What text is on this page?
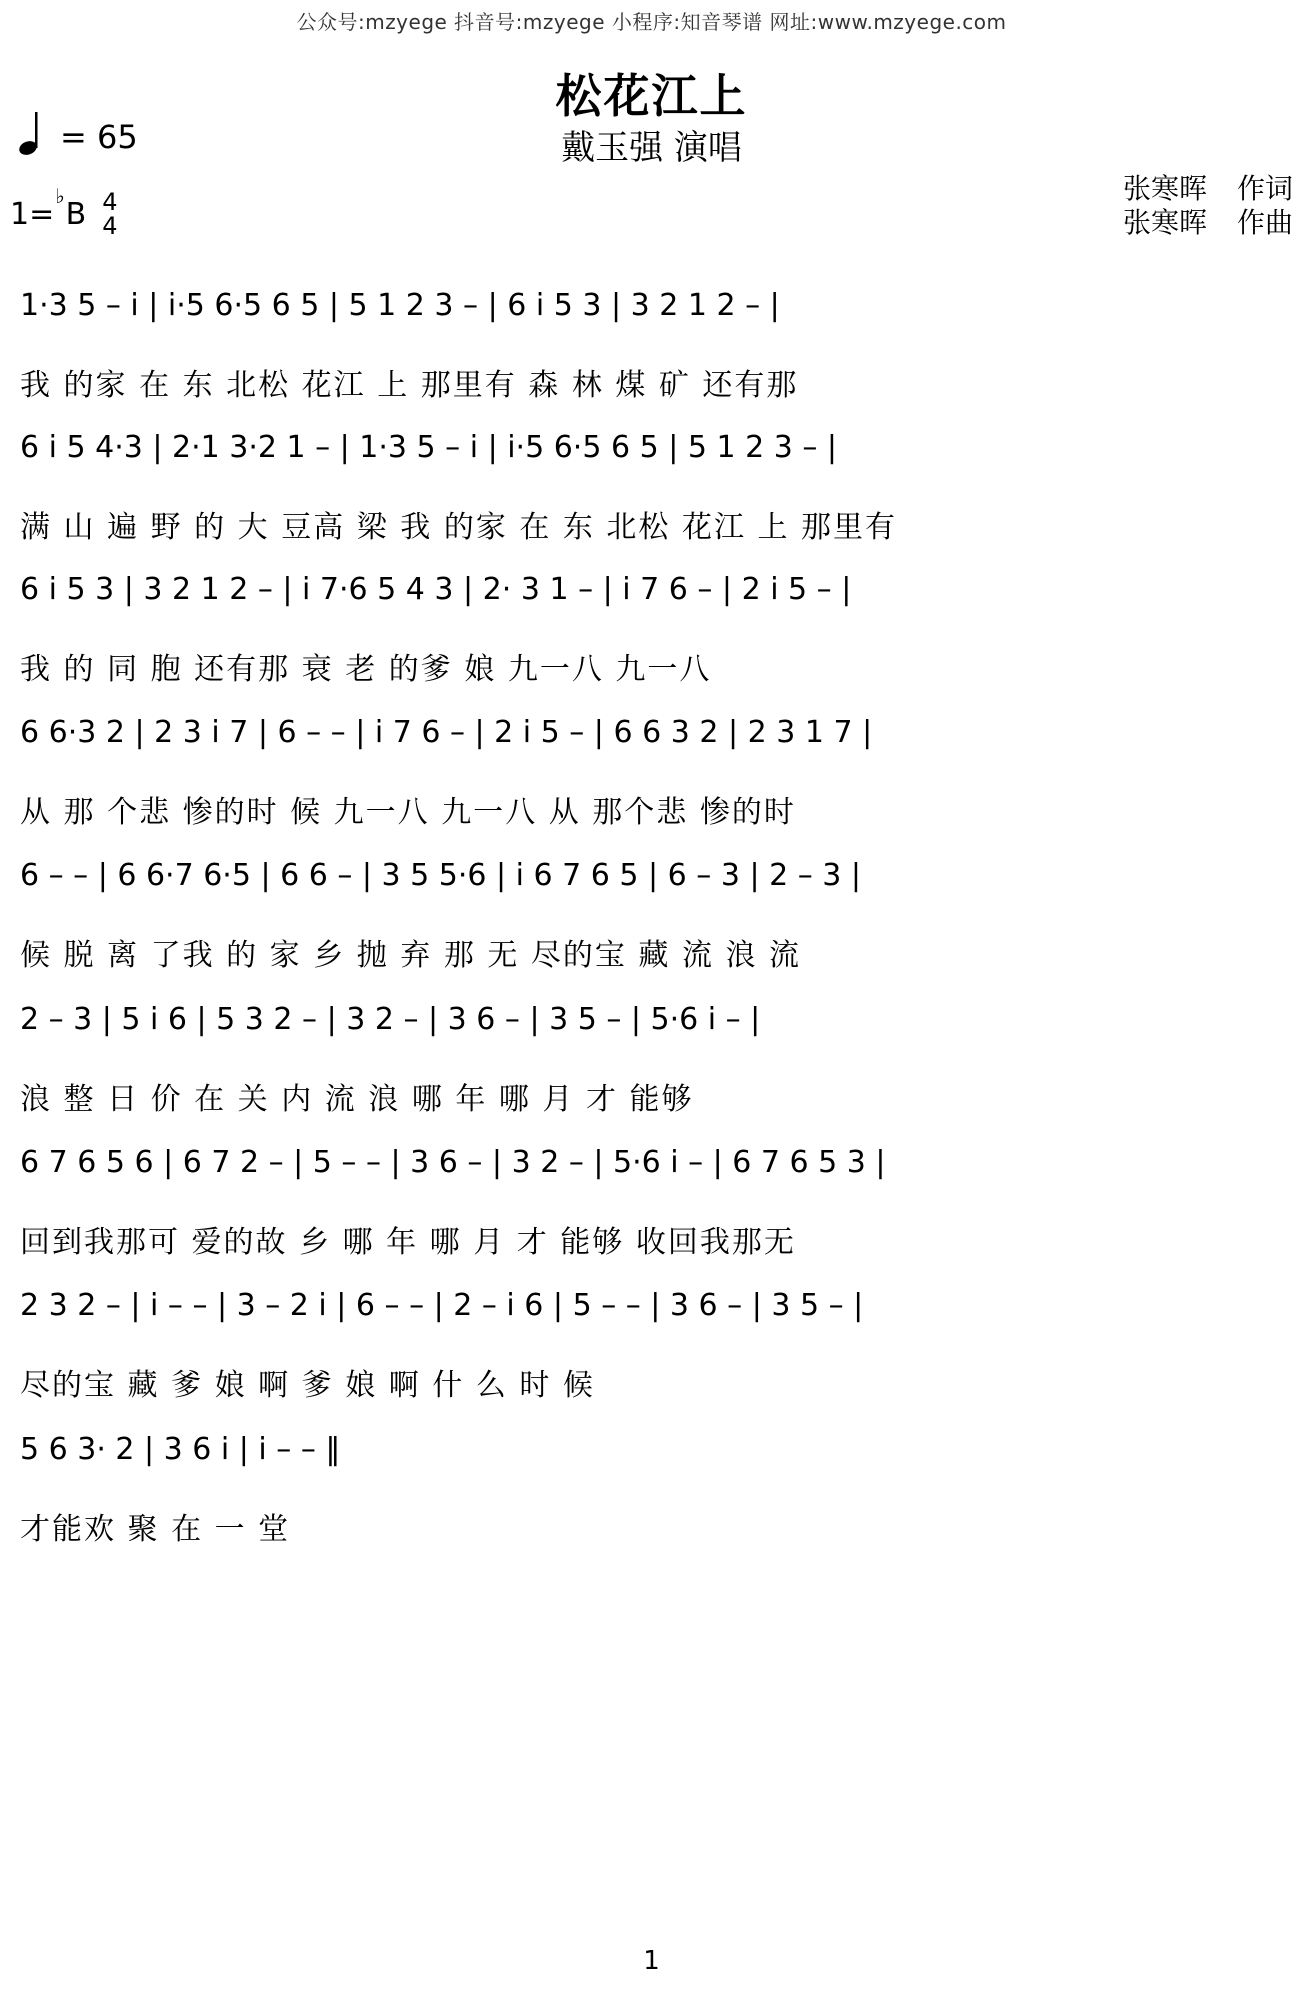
公众号:mzyege 抖音号:mzyege 小程序:知音琴谱 网址:www.mzyege.com
松花江上
戴玉强 演唱
= 65
1=
♭
B 4
4
张寒晖 作词
张寒晖 作曲
1·3 5 – i | i·5 6·5 6 5 | 5 1 2 3 – | 6 i 5 3 | 3 2 1 2 – |
我 的家 在 东 北松 花江 上 那里有 森 林 煤 矿 还有那
6 i 5 4·3 | 2·1 3·2 1 – | 1·3 5 – i | i·5 6·5 6 5 | 5 1 2 3 – |
满 山 遍 野 的 大 豆高 梁 我 的家 在 东 北松 花江 上 那里有
6 i 5 3 | 3 2 1 2 – | i 7·6 5 4 3 | 2· 3 1 – | i 7 6 – | 2 i 5 – |
我 的 同 胞 还有那 衰 老 的爹 娘 九一八 九一八
6 6·3 2 | 2 3 i 7 | 6 – – | i 7 6 – | 2 i 5 – | 6 6 3 2 | 2 3 1 7 |
从 那 个悲 惨的时 候 九一八 九一八 从 那个悲 惨的时
6 – – | 6 6·7 6·5 | 6 6 – | 3 5 5·6 | i 6 7 6 5 | 6 – 3 | 2 – 3 |
候 脱 离 了我 的 家 乡 抛 弃 那 无 尽的宝 藏 流 浪 流
2 – 3 | 5 i 6 | 5 3 2 – | 3 2 – | 3 6 – | 3 5 – | 5·6 i – |
浪 整 日 价 在 关 内 流 浪 哪 年 哪 月 才 能够
6 7 6 5 6 | 6 7 2 – | 5 – – | 3 6 – | 3 2 – | 5·6 i – | 6 7 6 5 3 |
回到我那可 爱的故 乡 哪 年 哪 月 才 能够 收回我那无
2 3 2 – | i – – | 3 – 2 i | 6 – – | 2 – i 6 | 5 – – | 3 6 – | 3 5 – |
尽的宝 藏 爹 娘 啊 爹 娘 啊 什 么 时 候
5 6 3· 2 | 3 6 i | i – – ‖
才能欢 聚 在 一 堂
1
